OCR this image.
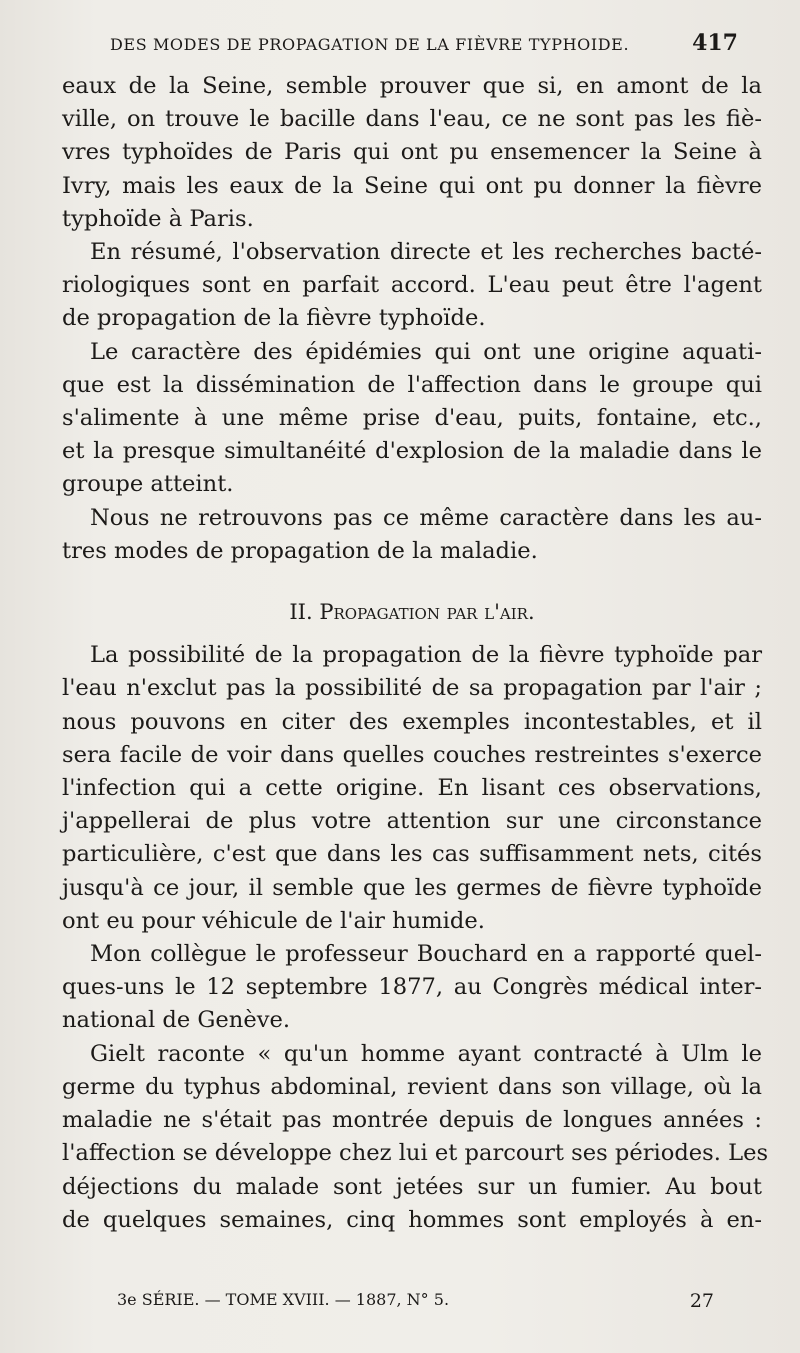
DES MODES DE PROPAGATION DE LA FIÈVRE TYPHOIDE.	417
eaux de la Seine, semble prouver que si, en amont de la
ville, on trouve le bacille dans l'eau, ce ne sont pas les fiè-
vres typhoïdes de Paris qui ont pu ensemencer la Seine à
Ivry, mais les eaux de la Seine qui ont pu donner la fièvre
typhoïde à Paris.
En résumé, l'observation directe et les recherches bacté-
riologiques sont en parfait accord. L'eau peut être l'agent
de propagation de la fièvre typhoïde.
Le caractère des épidémies qui ont une origine aquati-
que est la dissémination de l'affection dans le groupe qui
s'alimente à une même prise d'eau, puits, fontaine, etc.,
et la presque simultanéité d'explosion de la maladie dans le
groupe atteint.
Nous ne retrouvons pas ce même caractère dans les au-
tres modes de propagation de la maladie.
II. Propagation par l'air.
La possibilité de la propagation de la fièvre typhoïde par
l'eau n'exclut pas la possibilité de sa propagation par l'air ;
nous pouvons en citer des exemples incontestables, et il
sera facile de voir dans quelles couches restreintes s'exerce
l'infection qui a cette origine. En lisant ces observations,
j'appellerai de plus votre attention sur une circonstance
particulière, c'est que dans les cas suffisamment nets, cités
jusqu'à ce jour, il semble que les germes de fièvre typhoïde
ont eu pour véhicule de l'air humide.
Mon collègue le professeur Bouchard en a rapporté quel-
ques-uns le 12 septembre 1877, au Congrès médical inter-
national de Genève.
Gielt raconte « qu'un homme ayant contracté à Ulm le
germe du typhus abdominal, revient dans son village, où la
maladie ne s'était pas montrée depuis de longues années :
l'affection se développe chez lui et parcourt ses périodes. Les
déjections du malade sont jetées sur un fumier. Au bout
de quelques semaines, cinq hommes sont employés à en-
3e SÉRIE. — TOME XVIII. — 1887, N° 5.	27
